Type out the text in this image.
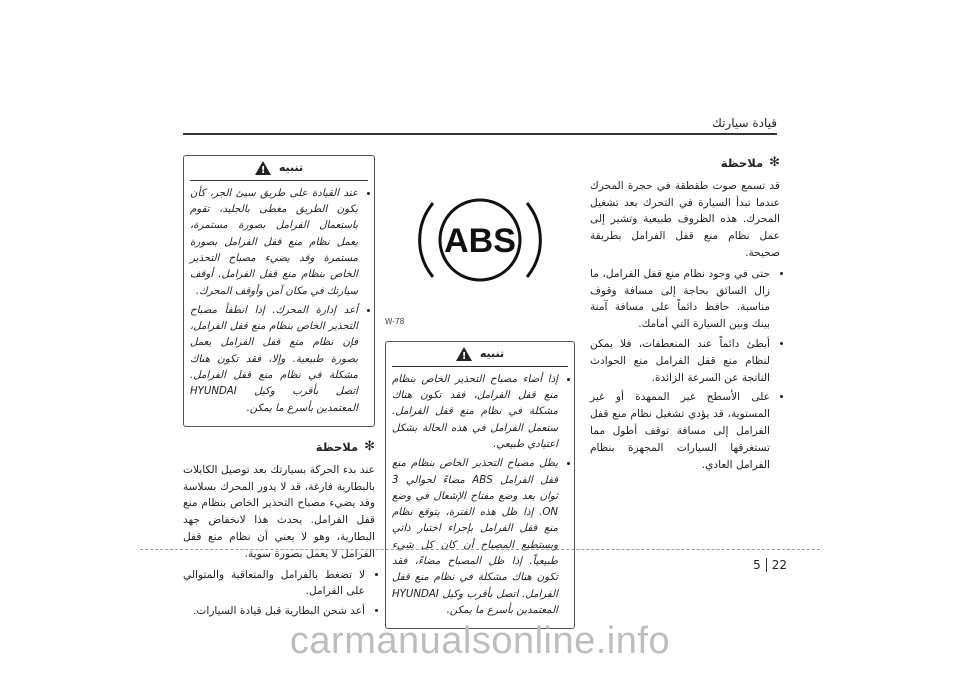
قيادة سيارتك
✻
ملاحظة

قد تسمع صوت طقطقة في حجرة المحرك عندما تبدأ السيارة في التحرك بعد تشغيل المحرك. هذه الظروف طبيعية وتشير إلى عمل نظام منع قفل الفرامل بطريقة صحيحة.

• حتى في وجود نظام منع قفل الفرامل، ما زال السائق بحاجة إلى مسافة وقوف مناسبة. حافظ دائماً على مسافة آمنة بينك وبين السيارة التي أمامك.
• أبطئ دائماً عند المنعطفات، فلا يمكن لنظام منع قفل الفرامل منع الحوادث الناتجة عن السرعة الزائدة.
• على الأسطح غير الممهدة أو غير المستوية، قد يؤدي تشغيل نظام منع قفل الفرامل إلى مسافة توقف أطول مما تستغرقها السيارات المجهزة بنظام الفرامل العادي.
ABS
W-78
تنبيه
!
• إذا أضاء مصباح التحذير الخاص بنظام منع قفل الفرامل، فقد تكون هناك مشكلة في نظام منع قفل الفرامل. ستعمل الفرامل في هذه الحالة بشكل اعتيادي طبيعي.
• يظل مصباح التحذير الخاص بنظام منع قفل الفرامل ABS مضاءً لحوالي 3 ثوان بعد وضع مفتاح الإشعال في وضع ON. إذا ظل هذه الفترة، يتوقع نظام منع قفل الفرامل بإجراء اختبار ذاتي ويستطيع المصباح أن كان كل شيء طبيعياً. إذا ظل المصباح مضاءً، فقد تكون هناك مشكلة في نظام منع قفل الفرامل. اتصل بأقرب وكيل HYUNDAI المعتمدين بأسرع ما يمكن.
تنبيه
!
• عند القيادة على طريق سيئ الجر، كأن يكون الطريق مغطى بالجليد، تقوم باستعمال الفرامل بصورة مستمرة، يعمل نظام منع قفل الفرامل بصورة مستمرة وقد يضيء مصباح التحذير الخاص بنظام منع قفل الفرامل. أوقف سيارتك في مكان آمن وأوقف المحرك.
• أعد إدارة المحرك. إذا انطفأ مصباح التحذير الخاص بنظام منع قفل الفرامل، فإن نظام منع قفل الفرامل يعمل بصورة طبيعية. وإلا، فقد تكون هناك مشكلة في نظام منع قفل الفرامل. اتصل بأقرب وكيل HYUNDAI المعتمدين بأسرع ما يمكن.
✻
ملاحظة

عند بدء الحركة بسيارتك بعد توصيل الكابلات بالبطارية فارغة، قد لا يدور المحرك بسلاسة وقد يضيء مصباح التحذير الخاص بنظام منع قفل الفرامل. يحدث هذا لانخفاض جهد البطارية، وهو لا يعني أن نظام منع قفل الفرامل لا يعمل بصورة سوية.

• لا تضغط بالفرامل والمتعاقبة والمتوالي على الفرامل.
• أعد شحن البطارية قبل قيادة السيارات.
5 22
carmanualsonline.info
